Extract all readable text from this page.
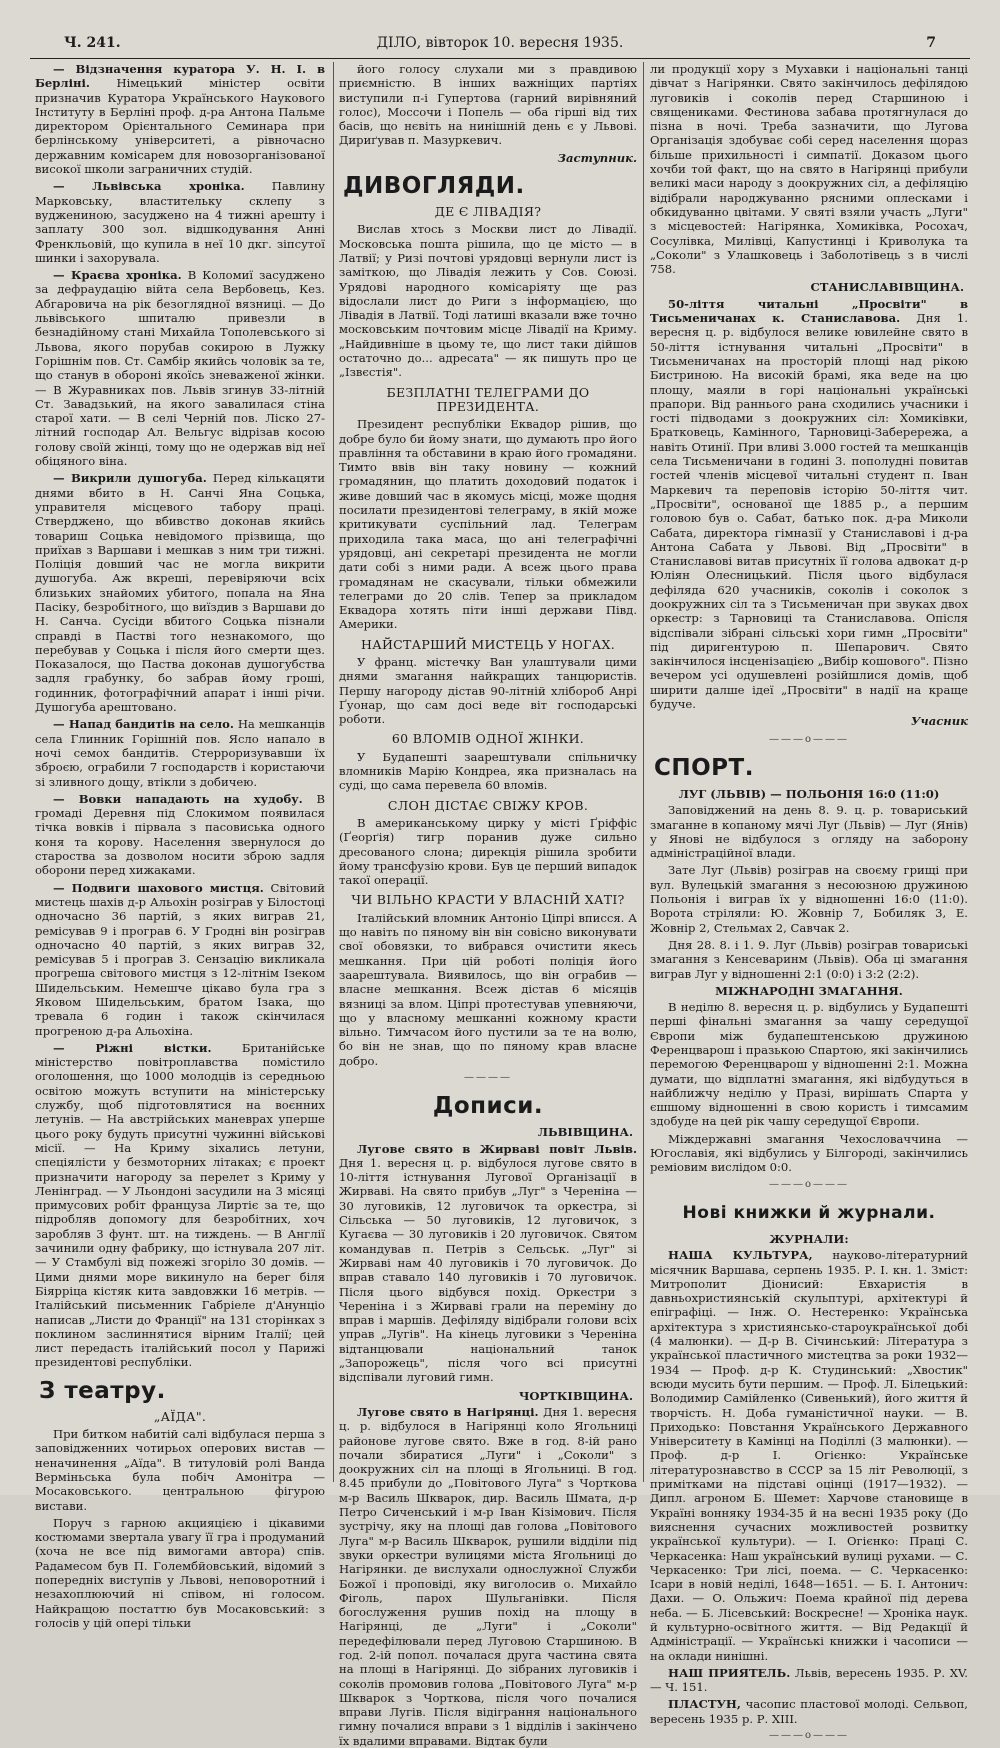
Ч. 241.	ДІЛО, вівторок 10. вересня 1935.	7

— Відзначення куратора У. Н. І. в Берліні. Німецький міністер освіти призначив Куратора Українського Наукового Інституту в Берліні проф. д-ра Антона Пальме директором Орієнтального Семинара при берлінському університеті, а рівночасно державним комісарем для новозорганізованої високої школи заграничних студій.

— Львівська хроніка. Павлину Марковську, властительку склепу з вуджениною, засуджено на 4 тижні арешту і заплату 300 зол. відшкодування Анні Френкльовій, що купила в неї 10 дкг. зіпсутої шинки і захорувала.

— Краєва хроніка. В Коломиї засуджено за дефраудацію війта села Вербовець, Кез. Абгаровича на рік безоглядної вязниці. — До львівського шпиталю привезли в безнадійному стані Михайла Тополевського зі Львова, якого порубав сокирою в Лужку Горішнім пов. Ст. Самбір якийсь чоловік за те, що станув в обороні якоїсь зневаженої жінки. — В Журавниках пов. Львів згинув 33-літній Ст. Завадзький, на якого завалилася стіна старої хати. — В селі Черній пов. Ліско 27-літний господар Ал. Вельгус відрізав косою голову своїй жінці, тому що не одержав від неї обіцяного віна.

— Викрили душогуба. Перед кількацяти днями вбито в Н. Санчі Яна Соцька, управителя місцевого табору праці. Стверджено, що вбивство доконав якийсь товариш Соцька невідомого прізвища, що приїхав з Варшави і мешкав з ним три тижні. Поліція довший час не могла викрити душогуба. Аж вкреші, перевіряючи всіх близьких знайомих убитого, попала на Яна Пасіку, безробітного, що виїздив з Варшави до Н. Санча. Сусіди вбитого Соцька пізнали справді в Пастві того незнакомого, що перебував у Соцька і після його смерти щез. Показалося, що Паства доконав душогубства задля грабунку, бо забрав йому гроші, годинник, фотографічний апарат і інші річи. Душогуба арештовано.

— Напад бандитів на село. На мешканців села Глинник Горішній пов. Ясло напало в ночі семох бандитів. Стерроризувавши їх зброєю, ограбили 7 господарств і користаючи зі зливного дощу, втікли з добичею.

— Вовки нападають на худобу. В громаді Деревня під Слокимом появилася тічка вовків і пірвала з пасовиська одного коня та корову. Населення звернулося до староства за дозволом носити зброю задля оборони перед хижаками.

— Подвиги шахового мистця. Світовий мистець шахів д-р Альохін розіграв у Білостоці одночасно 36 партій, з яких виграв 21, ремісував 9 і програв 6. У Гродні він розіграв одночасно 40 партій, з яких виграв 32, ремісував 5 і програв 3. Сензацію викликала прогреша світового мистця з 12-літнім Ізеком Шидельським. Немешче цікаво була гра з Яковом Шидельським, братом Ізака, що тревала 6 годин і також скінчилася прогреною д-ра Альохіна.

— Ріжні вістки. Британійське міністерство повітроплавства помістило оголошення, що 1000 молодців із середньою освітою можуть вступити на міністерську службу, щоб підготовлятися на воєнних летунів. — На австрійських маневрах уперше цього року будуть присутні чужинні військові місії. — На Криму зіхались летуни, спеціялісти у безмоторних літаках; є проект призначити нагороду за перелет з Криму у Ленінград. — У Льондоні засудили на 3 місяці примусових робіт француза Лиртіє за те, що підробляв допомогу для безробітних, хоч заробляв 3 фунт. шт. на тиждень. — В Англії зачинили одну фабрику, що істнувала 207 літ. — У Стамбулі від пожежі згоріло 30 домів. — Цими днями море викинуло на берег біля Біярріца кістяк кита завдовжки 16 метрів. — Італійський письменник Габріеле д'Анунціо написав „Листи до Франції" на 131 сторінках з поклином заслиннятися вірним Італії; цей лист передасть італійський посол у Парижі президентові республіки.

З театру.
„АЇДА".

При битком набитій салі відбулася перша з заповідженних чотирьох оперових вистав — неначинення „Аїда". В титуловій ролі Ванда Верміньська була побіч Амонітра — Мосаковського. центральною фігурою вистави.

Поруч з гарною акцияцією і цікавими костюмами звертала увагу її гра і продуманий (хоча не все під вимогами автора) спів. Радамеcом був П. Голембйовський, відомий з попередніх виступів у Львові, неповоротний і незахоплюючий ні співом, ні голосом. Найкращою постаттю був Мосаковський: з голосів у цій опері тільки

його голосу слухали ми з правдивою приємністю. В інших важніщих партіях виступили п-і Гупертова (гарний вирівняний голос), Моссочи і Попель — оба гірші від тих басів, що нєвіть на нинішній день є у Львові. Дириґував п. Мазуркевич.

Заступник.
ДИВОГЛЯДИ.
ДЕ Є ЛІВАДІЯ?

Вислав хтось з Москви лист до Лівадії. Московська пошта рішила, що це місто — в Латвії; у Ризі почтові урядовці вернули лист із заміткою, що Лівадія лежить у Сов. Союзі. Урядові народного комісаріяту ще раз відослали лист до Риги з інформацією, що Лівадія в Латвії. Тоді латиші вказали вже точно московським почтовим місце Лівадії на Криму. „Найдивніше в цьому те, що лист таки дійшов остаточно до... адресата" — як пишуть про це „Ізвєстія".

БЕЗПЛАТНІ ТЕЛЕГРАМИ ДО ПРЕЗИДЕНТА.

Президент республіки Еквадор рішив, що добре було би йому знати, що думають про його правління та обставини в краю його громадяни. Тимто ввів він таку новину — кожний громадянин, що платить доходовий податок і живе довший час в якомусь місці, може щодня посилати президентові телеграму, в якій може критикувати суспільний лад. Телеграм приходила така маса, що ані телеграфічні урядовці, ані секретарі президента не могли дати собі з ними ради. А всеж цього права громадянам не скасували, тільки обмежили телеграми до 20 слів. Тепер за прикладом Еквадора хотять піти інші держави Півд. Америки.

НАЙСТАРШИЙ МИСТЕЦЬ У НОГАХ.

У франц. містечку Ван улаштували цими днями змагання найкращих танцюристів. Першу нагороду дістав 90-літній хлібороб Анрі Ґуонар, що сам досі веде віт господарські роботи.

60 ВЛОМІВ ОДНОЇ ЖІНКИ.

У Будапешті заарештували спільничку вломників Марію Кондреа, яка призналась на суді, що сама перевела 60 вломів.

СЛОН ДІСТАЄ СВІЖУ КРОВ.

В американському цирку у місті Ґріффіс (Ґеорґія) тигр поранив дуже сильно дресованого слона; дирекція рішила зробити йому трансфузію крови. Був це перший випадок такої операції.

ЧИ ВІЛЬНО КРАСТИ У ВЛАСНІЙ ХАТІ?

Італійський вломник Антоніо Ціпрі вписся. А що навіть по пяному він він совісно виконувати свої обовязки, то вибрався очистити якесь мешкання. При цій роботі поліція його заарештувала. Виявилось, що він ограбив — власне мешкання. Всеж дістав 6 місяців вязниці за влом. Ціпрі протестував упевняючи, що у власному мешканні кожному красти вільно. Тимчасом його пустили за те на волю, бо він не знав, що по пяному крав власне добро.

————
Дописи.
ЛЬВІВЩИНА.

Лугове свято в Жирваві повіт Львів. Дня 1. вересня ц. р. відбулося лугове свято в 10-ліття істнування Лугової Організації в Жирваві. На свято прибув „Луг" з Череніна — 30 луговиків, 12 луговичок та оркестра, зі Сільська — 50 луговиків, 12 луговичок, з Кугаєва — 30 луговиків і 20 луговичок. Святом командував п. Петрів з Сельськ. „Луг" зі Жирваві нам 40 луговиків і 70 луговичок. До вправ ставало 140 луговиків і 70 луговичок. Після цього відбувся похід. Оркестри з Череніна і з Жирваві грали на переміну до вправ і маршів. Дефіляду відібрали голови всіх управ „Лугів". На кінець луговики з Череніна відтанцювали національний танок „Запорожець", після чого всі присутні відспівали луговий гимн.

ЧОРТКІВЩИНА.

Лугове свято в Нагірянці. Дня 1. вересня ц. р. відбулося в Нагірянці коло Ягольниці районове лугове свято. Вже в год. 8-ій рано почали збиратися „Луги" і „Соколи" з доокружних сіл на площі в Ягольниці. В год. 8.45 прибули до „Повітового Луга" з Чорткова м-р Василь Шкварок, дир. Василь Шмата, д-р Петро Сиченський і м-р Іван Кізімович. Після зустрічу, яку на площі дав голова „Повітового Луга" м-р Василь Шкварок, рушили відділи під звуки оркестри вулицями міста Ягольниці до Нагірянки. де вислухали однослужної Служби Божої і проповіді, яку виголосив о. Михайло Фіголь, парох Шульганівки. Після богослуження рушив похід на площу в Нагірянці, де „Луги" і „Соколи" передефілювали перед Луговою Старшиною. В год. 2-ій попол. почалася друга частина свята на площі в Нагірянці. До зібраних луговиків і соколів промовив голова „Повітового Луга" м-р Шкварок з Чорткова, після чого почалися вправи Лугів. Після відіграння національного гимну почалися вправи з 1 відділів і закінчено їх вдалими вправами. Відтак були

ли продукції хору з Мухавки і національні танці дівчат з Нагірянки. Свято закінчилось дефілядою луговиків і соколів перед Старшиною і священиками. Фестинова забава протягнулася до пізна в ночі. Треба зазначити, що Лугова Організація здобуває собі серед населення щораз більше прихильності і симпатії. Доказом цього хочби той факт, що на свято в Нагірянці прибули великі маси народу з доокружних сіл, а дефіляцію відібрали народжуванно рясними оплесками і обкидуванно цвітами. У святі взяли участь „Луги" з місцевостей: Нагірянка, Хомиківка, Росохач, Сосулівка, Милівці, Капустинці і Криволука та „Соколи" з Улашковець і Заболотівець з в числі 758.

СТАНИСЛАВІВЩИНА.

50-ліття читальні „Просвіти" в Тисьменичанах к. Станиславова. Дня 1. вересня ц. р. відбулося велике ювилейне свято в 50-ліття істнування читальні „Просвіти" в Тисьменичанах на просторій площі над рікою Бистриною. На високій брамі, яка веде на цю площу, маяли в горі національні українські прапори. Від раннього рана сходились учасники і гості підводами з доокружних сіл: Хомиківки, Братковець, Камінного, Тарновиці-Заберережа, а навіть Отинії. При вливі 3.000 гостей та мешканців села Тисьменичани в годині 3. пополудні повитав гостей членів місцевої читальні студент п. Іван Маркевич та переповів історію 50-ліття чит. „Просвіти", основаної ще 1885 р., а першим головою був о. Сабат, батько пок. д-ра Миколи Сабата, директора гімназії у Станиславові і д-ра Антона Сабата у Львові. Від „Просвіти" в Станиславові витав присутніх її голова адвокат д-р Юліян Олесницький. Після цього відбулася дефіляда 620 учасників, соколів і соколок з доокружних сіл та з Тисьменичан при звуках двох оркестр: з Тарновиці та Станиславова. Опісля відспівали зібрані сільські хори гимн „Просвіти" під диригентурою п. Шепарович. Свято закінчилося інсценізацією „Вибір кошового". Пізно вечером усі одушевлені розійшлися домів, щоб ширити далше ідеї „Просвіти" в надії на краще будуче.

Учасник
———o———
СПОРТ.
ЛУГ (ЛЬВІВ) — ПОЛЬОНІЯ 16:0 (11:0)

Заповіджений на день 8. 9. ц. р. товариський змаганне в копаному мячі Луг (Львів) — Луг (Янів) у Янові не відбулося з огляду на заборону адміністраційної влади.

Зате Луг (Львів) розіграв на своєму грищі при вул. Вулецькій змагання з несоюзною дружиною Польонія і виграв їх у відношенні 16:0 (11:0). Ворота стріляли: Ю. Жовнір 7, Бобиляк 3, Е. Жовнір 2, Стельмах 2, Савчак 2.

Дня 28. 8. і 1. 9. Луг (Львів) розіграв товариські змагання з Кенсеваринм (Львів). Оба ці змагання виграв Луг у відношенні 2:1 (0:0) і 3:2 (2:2).

МІЖНАРОДНІ ЗМАГАННЯ.

В неділю 8. вересня ц. р. відбулись у Будапешті перші фінальні змагання за чашу середущої Європи між будапештенською дружиною Ференцварош і празькою Спартою, які закінчились перемогою Ференцварош у відношенні 2:1. Можна думати, що відплатні змагання, які відбудуться в найближчу неділю у Празі, вирішать Спарта у єшшому відношенні в свою користь і тимсамим здобуде на цей рік чашу середущої Європи.

Міждержавні змагання Чехословаччина — Югославія, які відбулись у Білгороді, закінчились реміовим вислідом 0:0.

———o———
Нові книжки й журнали.
ЖУРНАЛИ:

НАША КУЛЬТУРА, науково-літературний місячник Варшава, серпень 1935. Р. І. кн. 1. Зміст: Митрополит Діонисий: Евхаристія в давньохристиянській скульптурі, архітектурі й епіграфіці. — Інж. О. Нестеренко: Українська архітектура з християнсько-староукраїнської добі (4 малюнки). — Д-р В. Січинський: Література з української пластичного мистецтва за роки 1932—1934 — Проф. д-р К. Студинський: „Хвостик" всюди мусить бути першим. — Проф. Л. Білецький: Володимир Самійленко (Сивенький), його життя й творчість. Н. Доба гуманістичної науки. — В. Приходько: Повстання Українського Державного Університету в Камінці на Поділлі (3 малюнки). — Проф. д-р І. Огієнко: Українське літературознавство в СССР за 15 літ Революції, з примітками на підставі оцінці (1917—1932). — Дипл. агроном Б. Шемет: Харчове становище в Україні вонняку 1934-35 й на весні 1935 року (До вияснення сучасних можливостей розвитку української культури). — І. Огієнко: Праці С. Черкасенка: Наш український вулиці рухами. — С. Черкасенко: Три лісі, поема. — С. Черкасенко: Ісари в новій неділі, 1648—1651. — Б. І. Антонич: Дахи. — О. Ольжич: Поема крайної під дерева неба. — Б. Лісевський: Воскресне! — Хроніка наук. й культурно-освітного життя. — Від Редакції й Адміністрації. — Українські книжки і часописи — на оклади нинішні.

НАШ ПРИЯТЕЛЬ. Львів, вересень 1935. Р. XV. — Ч. 151.

ПЛАСТУН, часопис пластової молоді. Сельвоп, вересень 1935 р. Р. XIII.

———o———
